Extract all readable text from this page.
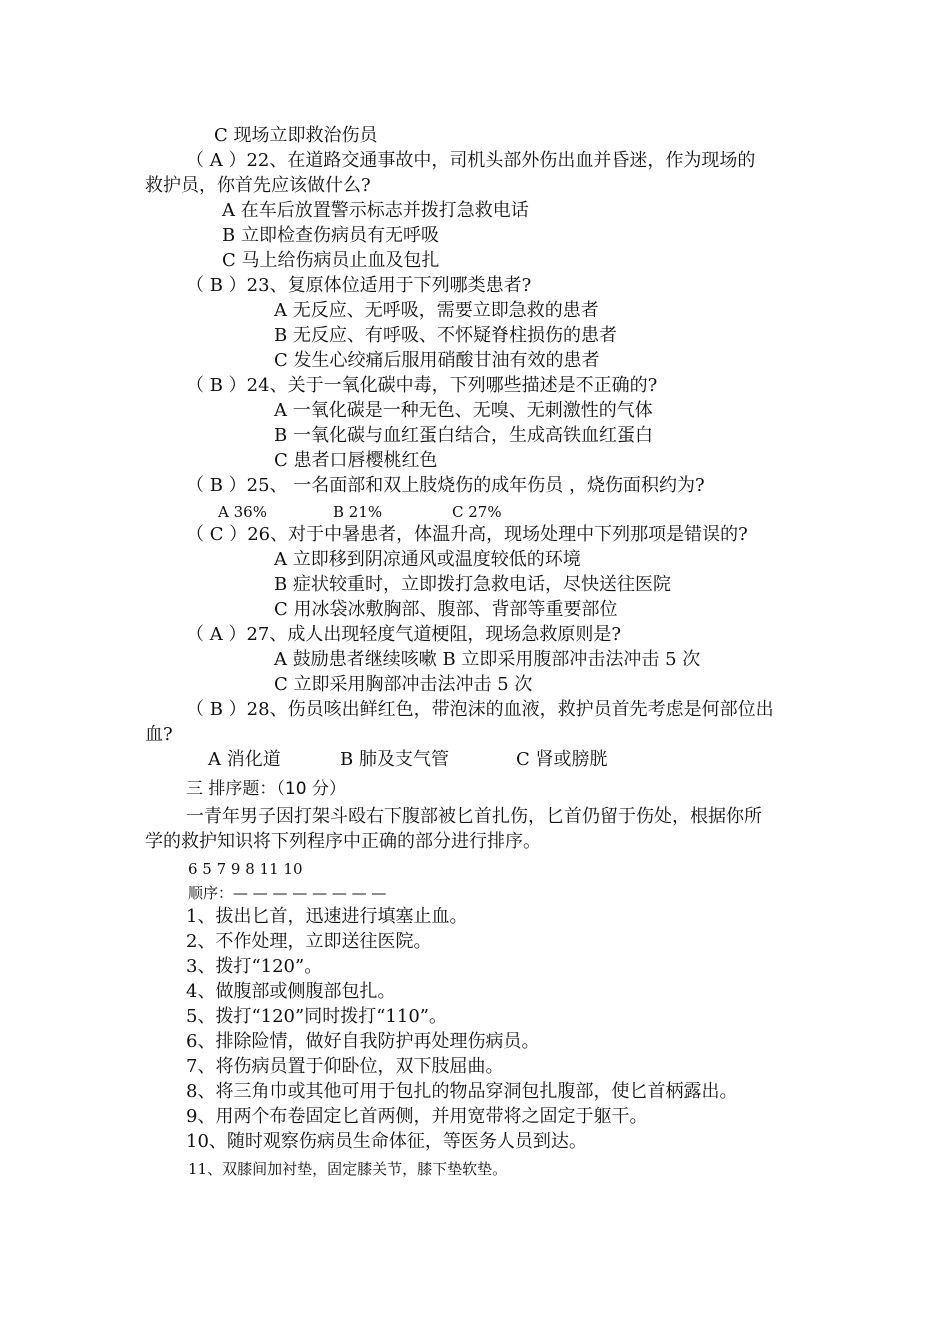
C 现场立即救治伤员
（ A ）22、在道路交通事故中，司机头部外伤出血并昏迷，作为现场的
救护员，你首先应该做什么?
A 在车后放置警示标志并拨打急救电话
B 立即检查伤病员有无呼吸
C 马上给伤病员止血及包扎
（ B ）23、复原体位适用于下列哪类患者?
A 无反应、无呼吸，需要立即急救的患者
B 无反应、有呼吸、不怀疑脊柱损伤的患者
C 发生心绞痛后服用硝酸甘油有效的患者
（ B ）24、关于一氧化碳中毒，下列哪些描述是不正确的?
A 一氧化碳是一种无色、无嗅、无刺激性的气体
B 一氧化碳与血红蛋白结合，生成高铁血红蛋白
C 患者口唇樱桃红色
（ B ）25、 一名面部和双上肢烧伤的成年伤员 ，烧伤面积约为?
A 36%	B 21%	C 27%
（ C ）26、对于中暑患者，体温升高，现场处理中下列那项是错误的?
A 立即移到阴凉通风或温度较低的环境
B 症状较重时，立即拨打急救电话，尽快送往医院
C 用冰袋冰敷胸部、腹部、背部等重要部位
（ A ）27、成人出现轻度气道梗阻，现场急救原则是?
A 鼓励患者继续咳嗽 B 立即采用腹部冲击法冲击 5 次
C 立即采用胸部冲击法冲击 5 次
（ B ）28、伤员咳出鲜红色，带泡沫的血液，救护员首先考虑是何部位出
血?
A 消化道	B 肺及支气管	C 肾或膀胱
三 排序题：（10 分）
一青年男子因打架斗殴右下腹部被匕首扎伤，匕首仍留于伤处，根据你所
学的救护知识将下列程序中正确的部分进行排序。
6 5 7 9 8 11 10
顺序：— — — — — — — —
1、拔出匕首，迅速进行填塞止血。
2、不作处理，立即送往医院。
3、拨打“120”。
4、做腹部或侧腹部包扎。
5、拨打“120”同时拨打“110”。
6、排除险情，做好自我防护再处理伤病员。
7、将伤病员置于仰卧位，双下肢屈曲。
8、将三角巾或其他可用于包扎的物品穿洞包扎腹部，使匕首柄露出。
9、用两个布卷固定匕首两侧，并用宽带将之固定于躯干。
10、随时观察伤病员生命体征，等医务人员到达。
11、双膝间加衬垫，固定膝关节，膝下垫软垫。
